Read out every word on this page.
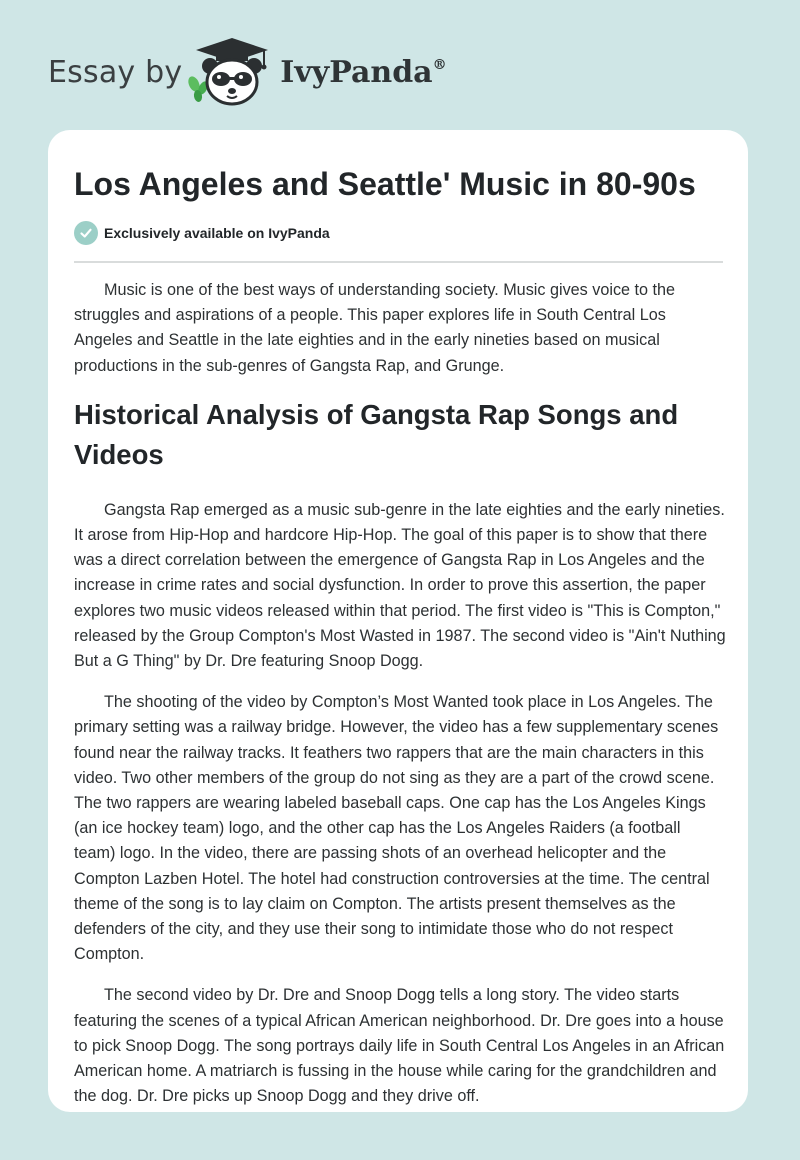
Essay by	IvyPanda®
Los Angeles and Seattle' Music in 80-90s
Exclusively available on IvyPanda

Music is one of the best ways of understanding society. Music gives voice to the struggles and aspirations of a people. This paper explores life in South Central Los Angeles and Seattle in the late eighties and in the early nineties based on musical productions in the sub-genres of Gangsta Rap, and Grunge.

Historical Analysis of Gangsta Rap Songs and Videos

Gangsta Rap emerged as a music sub-genre in the late eighties and the early nineties. It arose from Hip-Hop and hardcore Hip-Hop. The goal of this paper is to show that there was a direct correlation between the emergence of Gangsta Rap in Los Angeles and the increase in crime rates and social dysfunction. In order to prove this assertion, the paper explores two music videos released within that period. The first video is "This is Compton," released by the Group Compton's Most Wasted in 1987. The second video is "Ain't Nuthing But a G Thing" by Dr. Dre featuring Snoop Dogg.

The shooting of the video by Compton’s Most Wanted took place in Los Angeles. The primary setting was a railway bridge. However, the video has a few supplementary scenes found near the railway tracks. It feathers two rappers that are the main characters in this video. Two other members of the group do not sing as they are a part of the crowd scene. The two rappers are wearing labeled baseball caps. One cap has the Los Angeles Kings (an ice hockey team) logo, and the other cap has the Los Angeles Raiders (a football team) logo. In the video, there are passing shots of an overhead helicopter and the Compton Lazben Hotel. The hotel had construction controversies at the time. The central theme of the song is to lay claim on Compton. The artists present themselves as the defenders of the city, and they use their song to intimidate those who do not respect Compton.

The second video by Dr. Dre and Snoop Dogg tells a long story. The video starts featuring the scenes of a typical African American neighborhood. Dr. Dre goes into a house to pick Snoop Dogg. The song portrays daily life in South Central Los Angeles in an African American home. A matriarch is fussing in the house while caring for the grandchildren and the dog. Dr. Dre picks up Snoop Dogg and they drive off.
